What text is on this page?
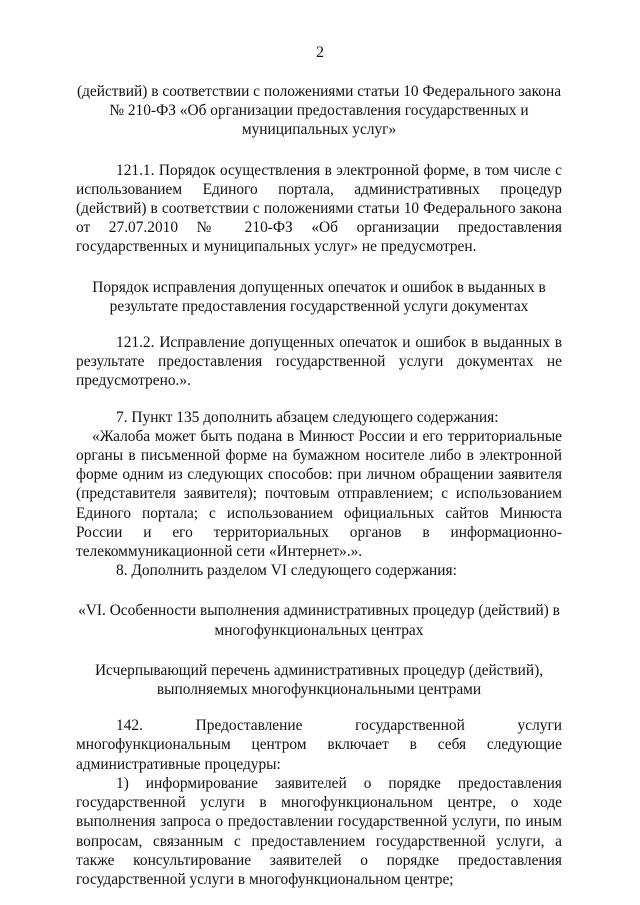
2

(действий) в соответствии с положениями статьи 10 Федерального закона № 210-ФЗ «Об организации предоставления государственных и муниципальных услуг»

121.1. Порядок осуществления в электронной форме, в том числе с использованием Единого портала, административных процедур (действий) в соответствии с положениями статьи 10 Федерального закона от 27.07.2010 № 210-ФЗ «Об организации предоставления государственных и муниципальных услуг» не предусмотрен.

Порядок исправления допущенных опечаток и ошибок в выданных в результате предоставления государственной услуги документах

121.2. Исправление допущенных опечаток и ошибок в выданных в результате предоставления государственной услуги документах не предусмотрено.».

7. Пункт 135 дополнить абзацем следующего содержания:

«Жалоба может быть подана в Минюст России и его территориальные органы в письменной форме на бумажном носителе либо в электронной форме одним из следующих способов: при личном обращении заявителя (представителя заявителя); почтовым отправлением; с использованием Единого портала; с использованием официальных сайтов Минюста России и его территориальных органов в информационно-телекоммуникационной сети «Интернет».».

8. Дополнить разделом VI следующего содержания:

«VI. Особенности выполнения административных процедур (действий) в многофункциональных центрах

Исчерпывающий перечень административных процедур (действий), выполняемых многофункциональными центрами

142. Предоставление государственной услуги многофункциональным центром включает в себя следующие административные процедуры:

1) информирование заявителей о порядке предоставления государственной услуги в многофункциональном центре, о ходе выполнения запроса о предоставлении государственной услуги, по иным вопросам, связанным с предоставлением государственной услуги, а также консультирование заявителей о порядке предоставления государственной услуги в многофункциональном центре;
